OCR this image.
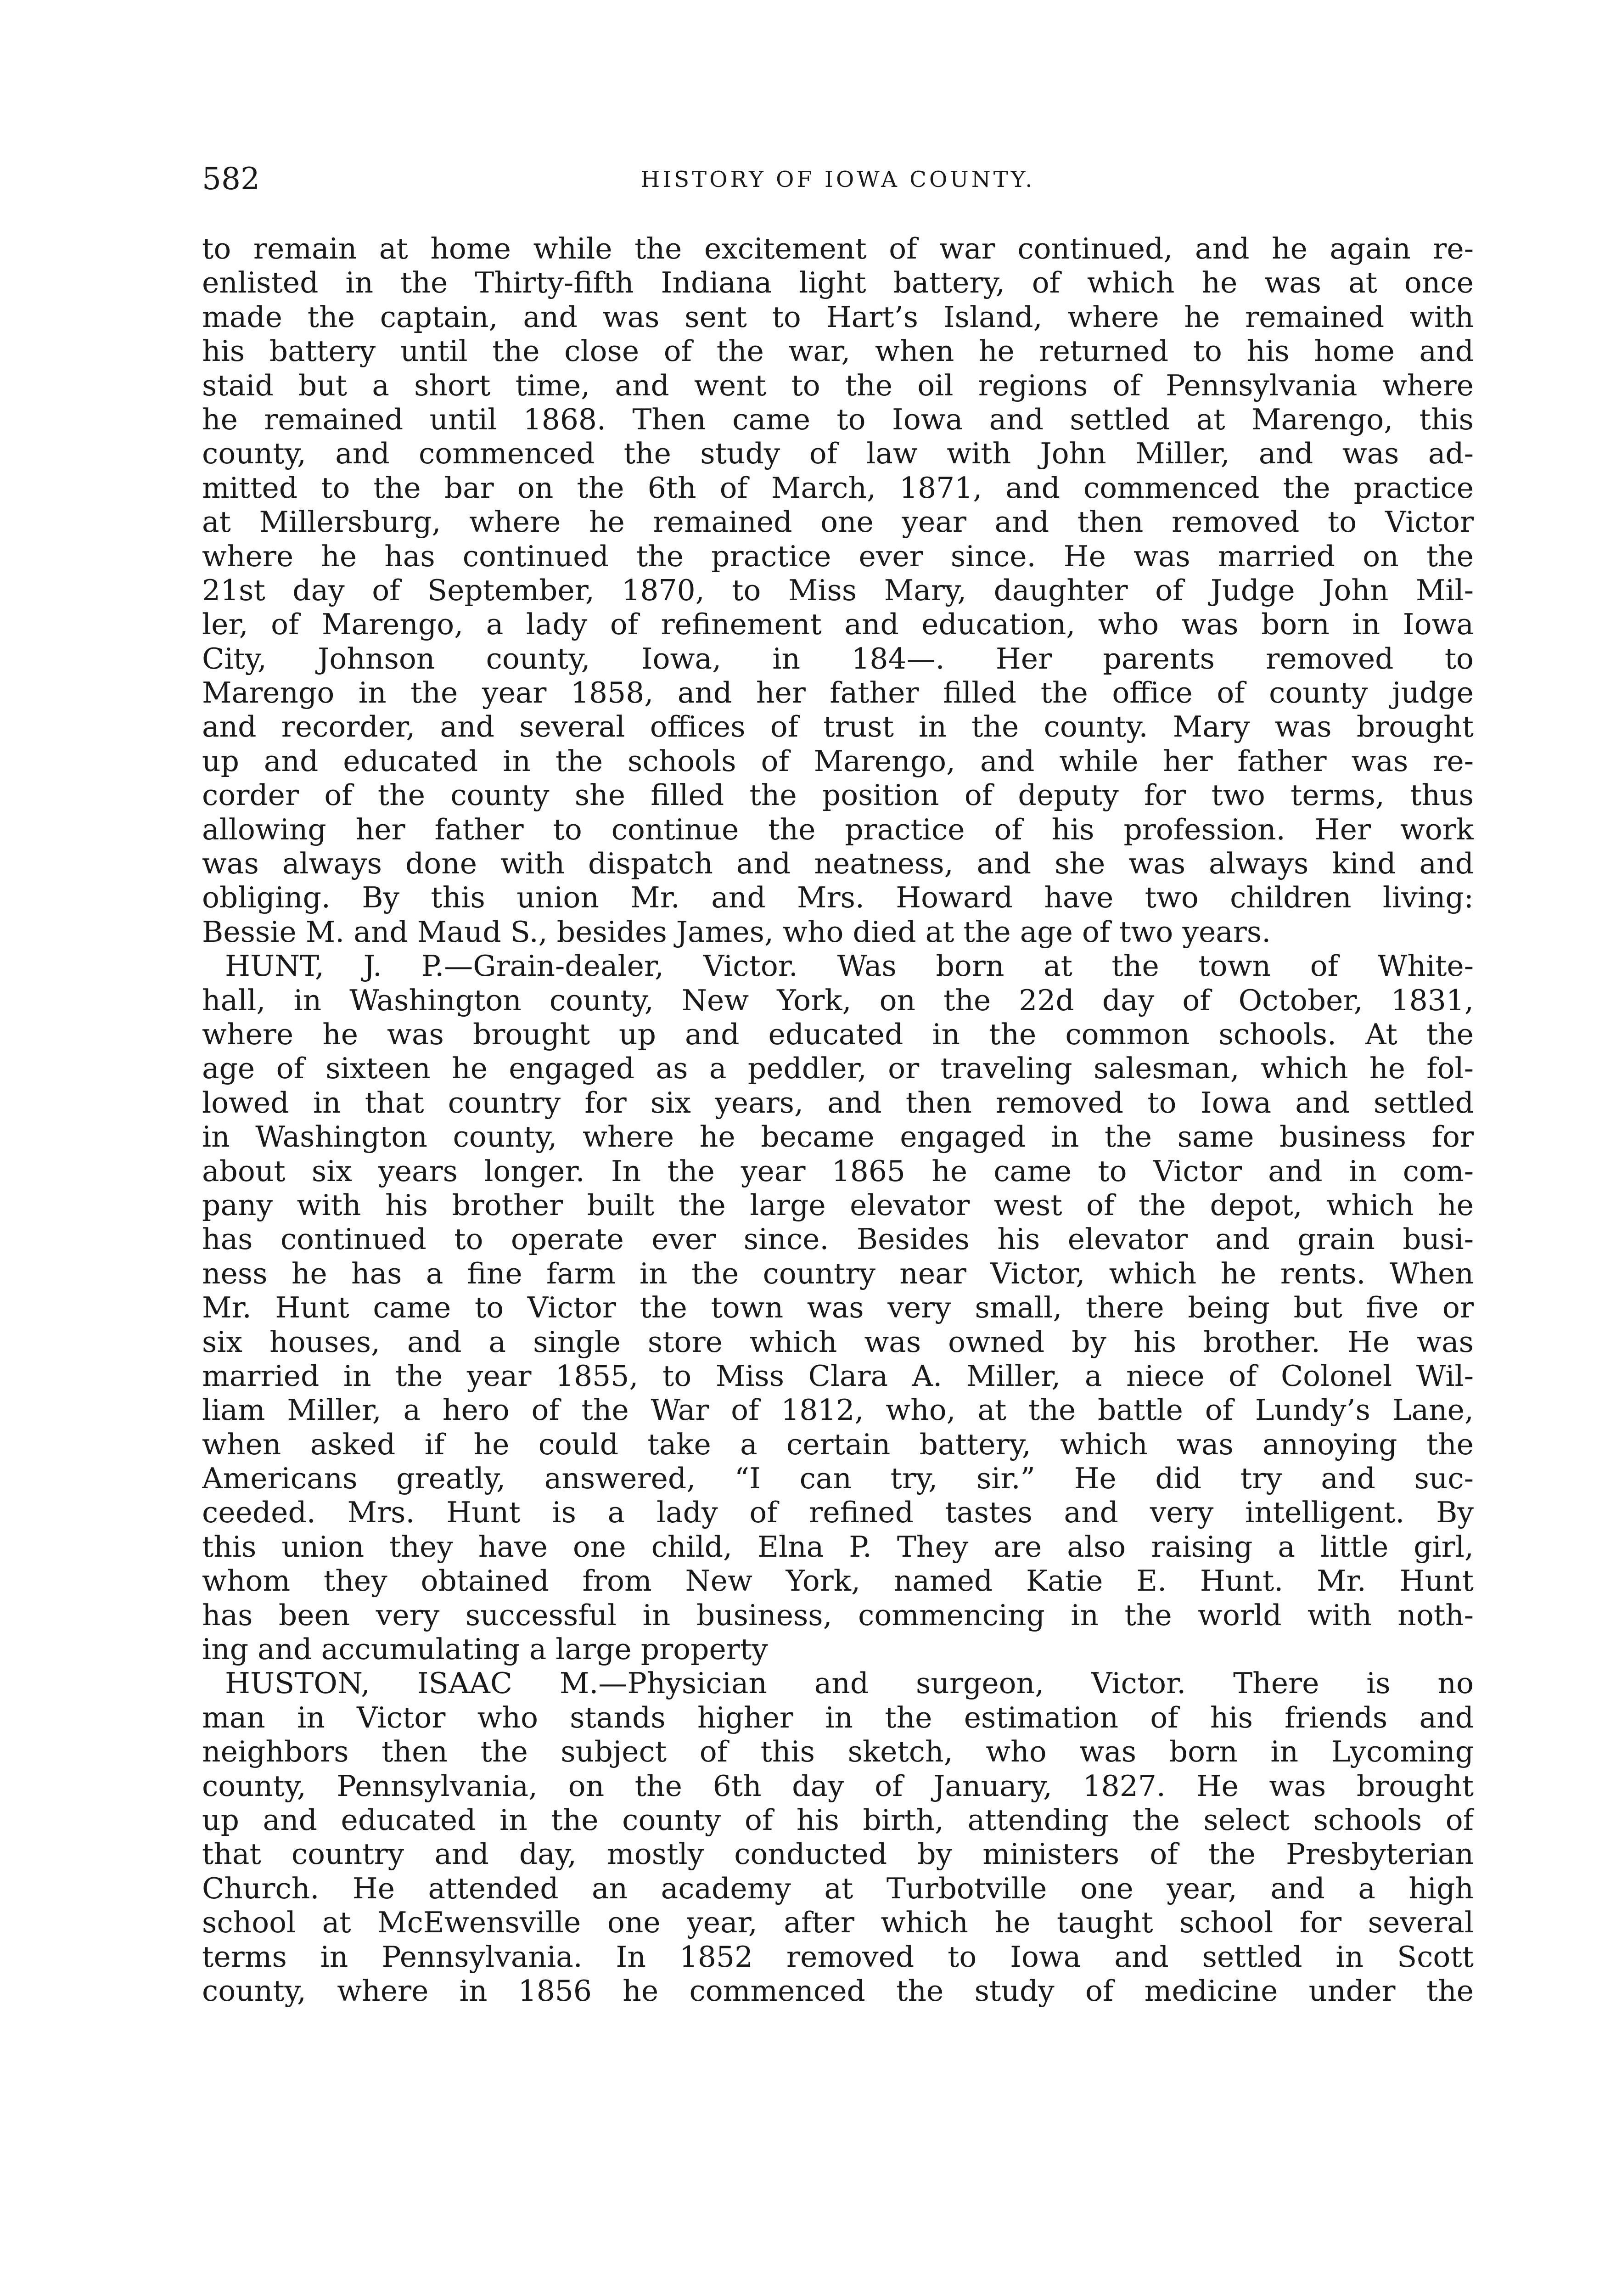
582	HISTORY OF IOWA COUNTY.
to remain at home while the excitement of war continued, and he again re-
enlisted in the Thirty-fifth Indiana light battery, of which he was at once
made the captain, and was sent to Hart’s Island, where he remained with
his battery until the close of the war, when he returned to his home and
staid but a short time, and went to the oil regions of Pennsylvania where
he remained until 1868. Then came to Iowa and settled at Marengo, this
county, and commenced the study of law with John Miller, and was ad-
mitted to the bar on the 6th of March, 1871, and commenced the practice
at Millersburg, where he remained one year and then removed to Victor
where he has continued the practice ever since. He was married on the
21st day of September, 1870, to Miss Mary, daughter of Judge John Mil-
ler, of Marengo, a lady of refinement and education, who was born in Iowa
City, Johnson county, Iowa, in 184—. Her parents removed to
Marengo in the year 1858, and her father filled the office of county judge
and recorder, and several offices of trust in the county. Mary was brought
up and educated in the schools of Marengo, and while her father was re-
corder of the county she filled the position of deputy for two terms, thus
allowing her father to continue the practice of his profession. Her work
was always done with dispatch and neatness, and she was always kind and
obliging. By this union Mr. and Mrs. Howard have two children living:
Bessie M. and Maud S., besides James, who died at the age of two years.
HUNT, J. P.—Grain-dealer, Victor. Was born at the town of White-
hall, in Washington county, New York, on the 22d day of October, 1831,
where he was brought up and educated in the common schools. At the
age of sixteen he engaged as a peddler, or traveling salesman, which he fol-
lowed in that country for six years, and then removed to Iowa and settled
in Washington county, where he became engaged in the same business for
about six years longer. In the year 1865 he came to Victor and in com-
pany with his brother built the large elevator west of the depot, which he
has continued to operate ever since. Besides his elevator and grain busi-
ness he has a fine farm in the country near Victor, which he rents. When
Mr. Hunt came to Victor the town was very small, there being but five or
six houses, and a single store which was owned by his brother. He was
married in the year 1855, to Miss Clara A. Miller, a niece of Colonel Wil-
liam Miller, a hero of the War of 1812, who, at the battle of Lundy’s Lane,
when asked if he could take a certain battery, which was annoying the
Americans greatly, answered, “I can try, sir.” He did try and suc-
ceeded. Mrs. Hunt is a lady of refined tastes and very intelligent. By
this union they have one child, Elna P. They are also raising a little girl,
whom they obtained from New York, named Katie E. Hunt. Mr. Hunt
has been very successful in business, commencing in the world with noth-
ing and accumulating a large property
HUSTON, ISAAC M.—Physician and surgeon, Victor. There is no
man in Victor who stands higher in the estimation of his friends and
neighbors then the subject of this sketch, who was born in Lycoming
county, Pennsylvania, on the 6th day of January, 1827. He was brought
up and educated in the county of his birth, attending the select schools of
that country and day, mostly conducted by ministers of the Presbyterian
Church. He attended an academy at Turbotville one year, and a high
school at McEwensville one year, after which he taught school for several
terms in Pennsylvania. In 1852 removed to Iowa and settled in Scott
county, where in 1856 he commenced the study of medicine under the
